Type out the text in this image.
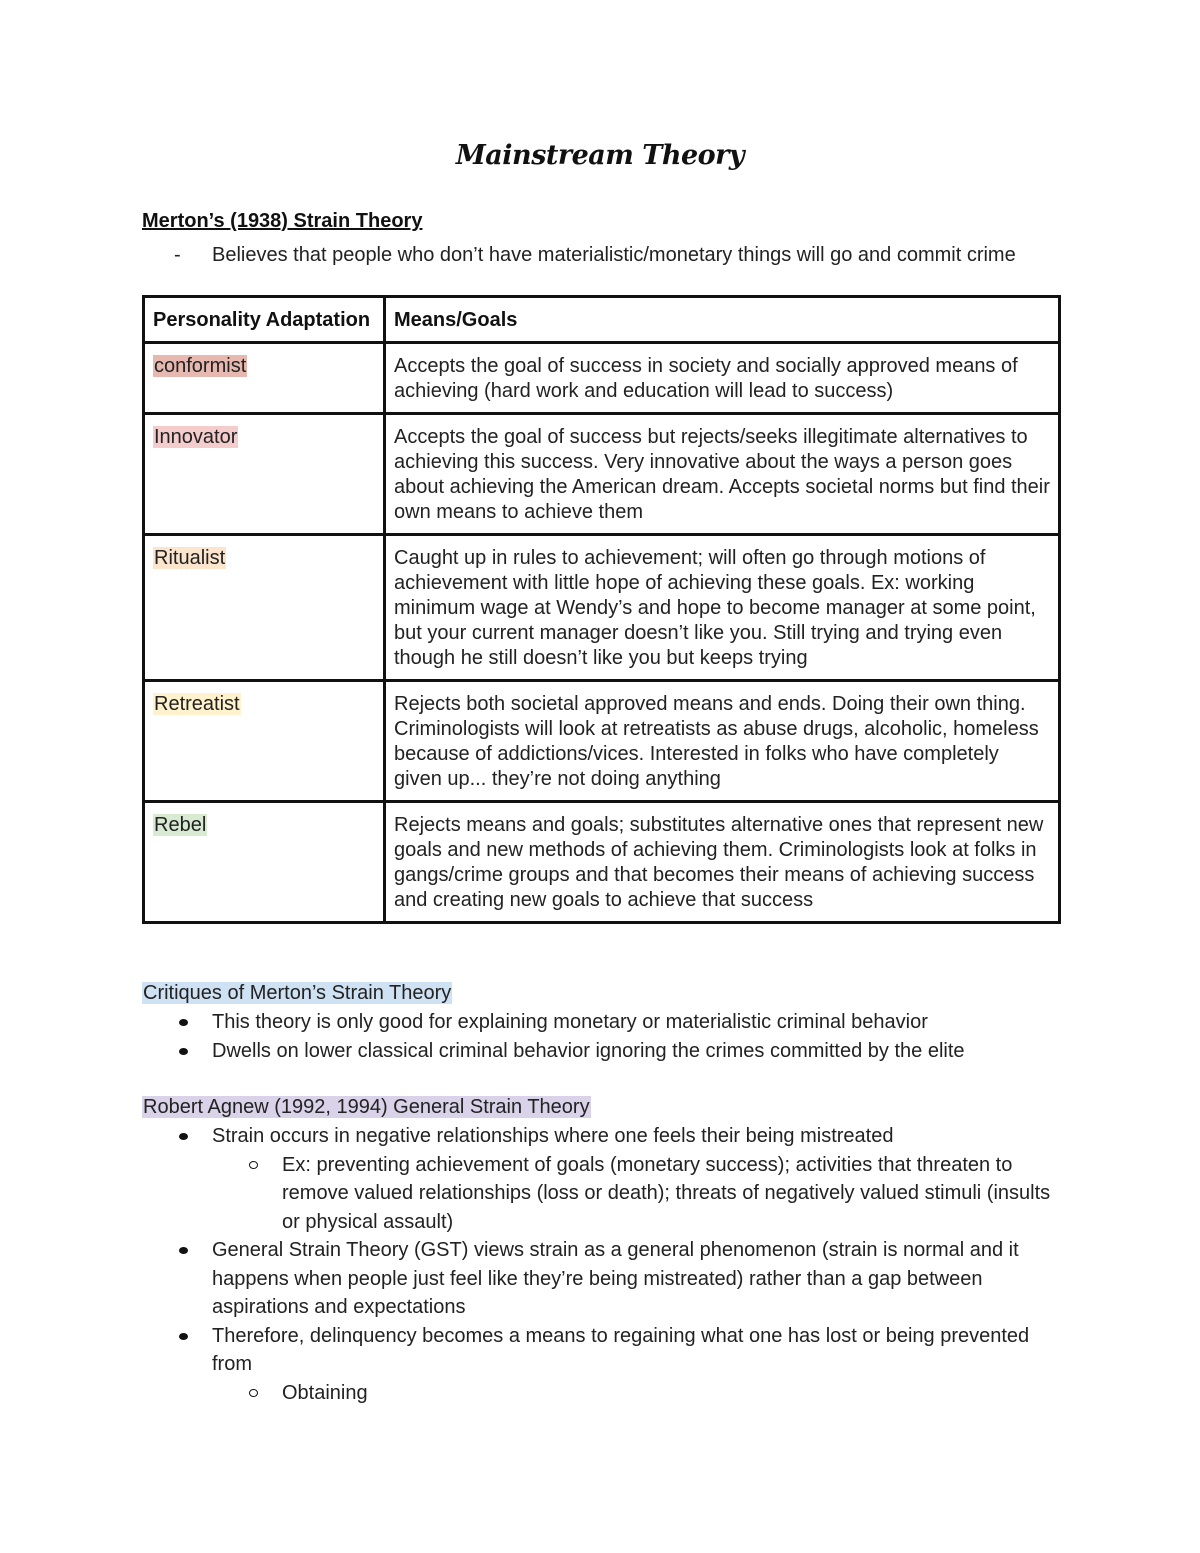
Mainstream Theory
Merton’s (1938) Strain Theory
- Believes that people who don’t have materialistic/monetary things will go and commit crime
Personality Adaptation	Means/Goals
conformist	Accepts the goal of success in society and socially approved means of achieving (hard work and education will lead to success)
Innovator	Accepts the goal of success but rejects/seeks illegitimate alternatives to achieving this success. Very innovative about the ways a person goes about achieving the American dream. Accepts societal norms but find their own means to achieve them
Ritualist	Caught up in rules to achievement; will often go through motions of achievement with little hope of achieving these goals. Ex: working minimum wage at Wendy’s and hope to become manager at some point, but your current manager doesn’t like you. Still trying and trying even though he still doesn’t like you but keeps trying
Retreatist	Rejects both societal approved means and ends. Doing their own thing. Criminologists will look at retreatists as abuse drugs, alcoholic, homeless because of addictions/vices. Interested in folks who have completely given up... they’re not doing anything
Rebel	Rejects means and goals; substitutes alternative ones that represent new goals and new methods of achieving them. Criminologists look at folks in gangs/crime groups and that becomes their means of achieving success and creating new goals to achieve that success
Critiques of Merton’s Strain Theory
This theory is only good for explaining monetary or materialistic criminal behavior
Dwells on lower classical criminal behavior ignoring the crimes committed by the elite
Robert Agnew (1992, 1994) General Strain Theory
Strain occurs in negative relationships where one feels their being mistreated
Ex: preventing achievement of goals (monetary success); activities that threaten to remove valued relationships (loss or death); threats of negatively valued stimuli (insults or physical assault)
General Strain Theory (GST) views strain as a general phenomenon (strain is normal and it happens when people just feel like they’re being mistreated) rather than a gap between aspirations and expectations
Therefore, delinquency becomes a means to regaining what one has lost or being prevented from
Obtaining
